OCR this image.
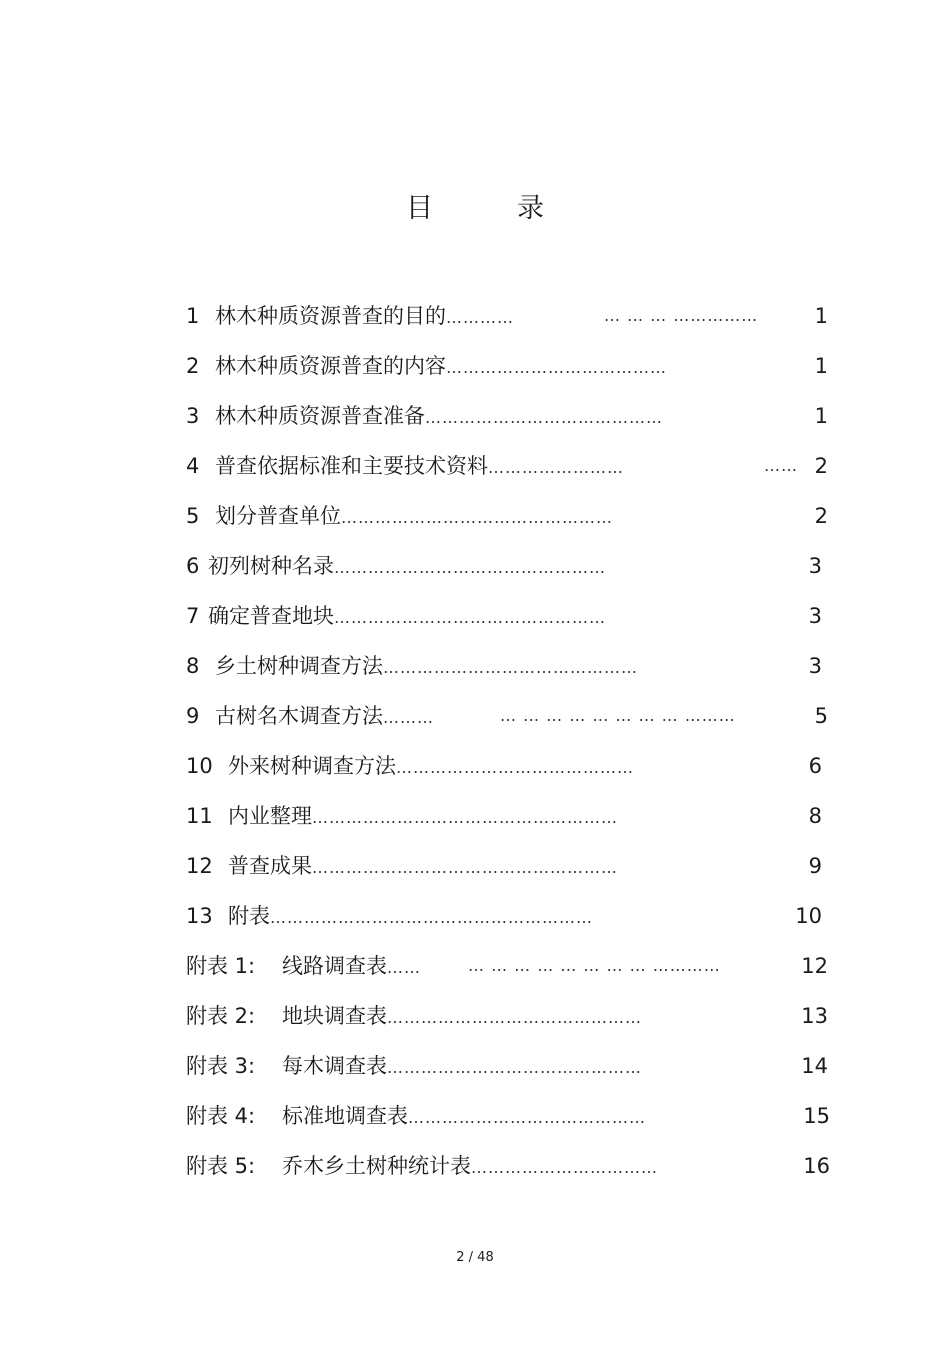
目	录
1 林木种质资源普查的目的…………	… … … ……………	1
2 林木种质资源普查的内容…………………………………	1
3 林木种质资源普查准备……………………………………	1
4 普查依据标准和主要技术资料……………………	…… 2
5 划分普查单位…………………………………………	2
6 初列树种名录…………………………………………	3
7 确定普查地块…………………………………………	3
8 乡土树种调查方法………………………………………	3
9 古树名木调查方法………	… … … … … … … … ………	5
10 外来树种调查方法……………………………………	6
11 内业整理………………………………………………	8
12 普查成果………………………………………………	9
13 附表…………………………………………………	10
附表 1: 线路调查表……	… … … … … … … … …………	12
附表 2: 地块调查表………………………………………	13
附表 3: 每木调查表………………………………………	14
附表 4: 标准地调查表……………………………………	15
附表 5: 乔木乡土树种统计表……………………………	16
2 / 48
